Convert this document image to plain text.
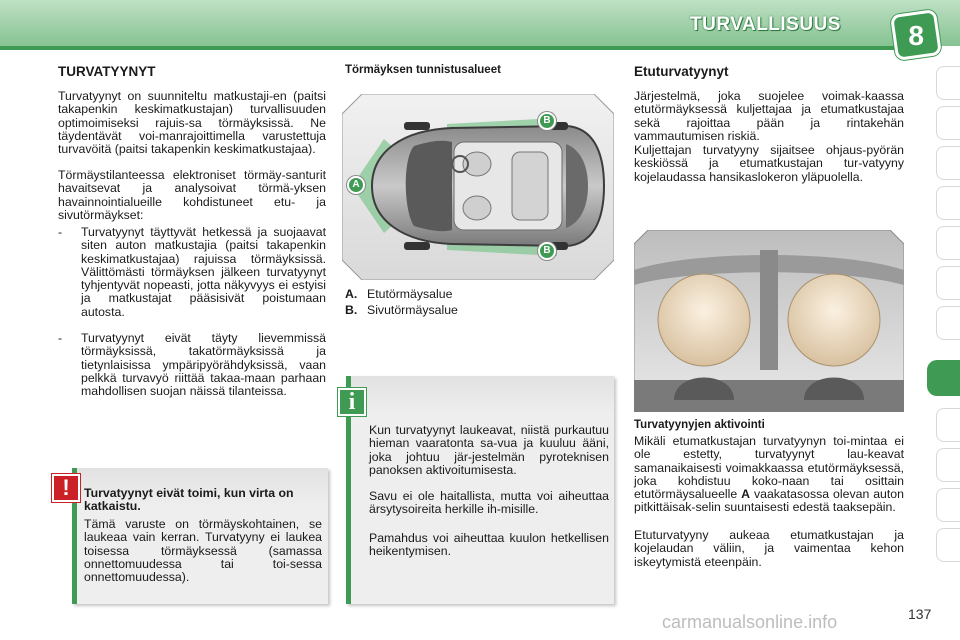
TURVALLISUUS	8
TURVATYYNYT
Turvatyynyt on suunniteltu matkustaji-en (paitsi takapenkin keskimatkustajan) turvallisuuden optimoimiseksi rajuis-sa törmäyksissä. Ne täydentävät voi-manrajoittimella varustettuja turvavöitä (paitsi takapenkin keskimatkustajaa).
Törmäystilanteessa elektroniset törmäy-santurit havaitsevat ja analysoivat törmä-yksen havainnointialueille kohdistuneet etu- ja sivutörmäykset:
- Turvatyynyt täyttyvät hetkessä ja suojaavat siten auton matkustajia (paitsi takapenkin keskimatkustajaa) rajuissa törmäyksissä. Välittömästi törmäyksen jälkeen turvatyynyt tyhjentyvät nopeasti, jotta näkyvyys ei estyisi ja matkustajat pääsisivät poistumaan autosta.
- Turvatyynyt eivät täyty lievemmissä törmäyksissä, takatörmäyksissä ja tietynlaisissa ympäripyörähdyksissä, vaan pelkkä turvavyö riittää takaa-maan parhaan mahdollisen suojan näissä tilanteissa.
!	Turvatyynyt eivät toimi, kun virta on katkaistu.
Tämä varuste on törmäyskohtainen, se laukeaa vain kerran. Turvatyyny ei laukea toisessa törmäyksessä (samassa onnettomuudessa tai toi-sessa onnettomuudessa).
Törmäyksen tunnistusalueet
A
B
B
A. Etutörmäysalue
B. Sivutörmäysalue
i
Kun turvatyynyt laukeavat, niistä purkautuu hieman vaaratonta sa-vua ja kuuluu ääni, joka johtuu jär-jestelmän pyroteknisen panoksen aktivoitumisesta.
Savu ei ole haitallista, mutta voi aiheuttaa ärsytysoireita herkille ih-misille.
Pamahdus voi aiheuttaa kuulon hetkellisen heikentymisen.
Etuturvatyynyt
Järjestelmä, joka suojelee voimak-kaassa etutörmäyksessä kuljettajaa ja etumatkustajaa sekä rajoittaa pään ja rintakehän vammautumisen riskiä.
Kuljettajan turvatyyny sijaitsee ohjaus-pyörän keskiössä ja etumatkustajan tur-vatyyny kojelaudassa hansikaslokeron yläpuolella.
Turvatyynyjen aktivointi
Mikäli etumatkustajan turvatyynyn toi-mintaa ei ole estetty, turvatyynyt lau-keavat samanaikaisesti voimakkaassa etutörmäyksessä, joka kohdistuu koko-naan tai osittain etutörmäysalueelle A vaakatasossa olevan auton pitkittäisak-selin suuntaisesti edestä taaksepäin.
Etuturvatyyny aukeaa etumatkustajan ja kojelaudan väliin, ja vaimentaa kehon iskeytymistä eteenpäin.
carmanualsonline.info	137
